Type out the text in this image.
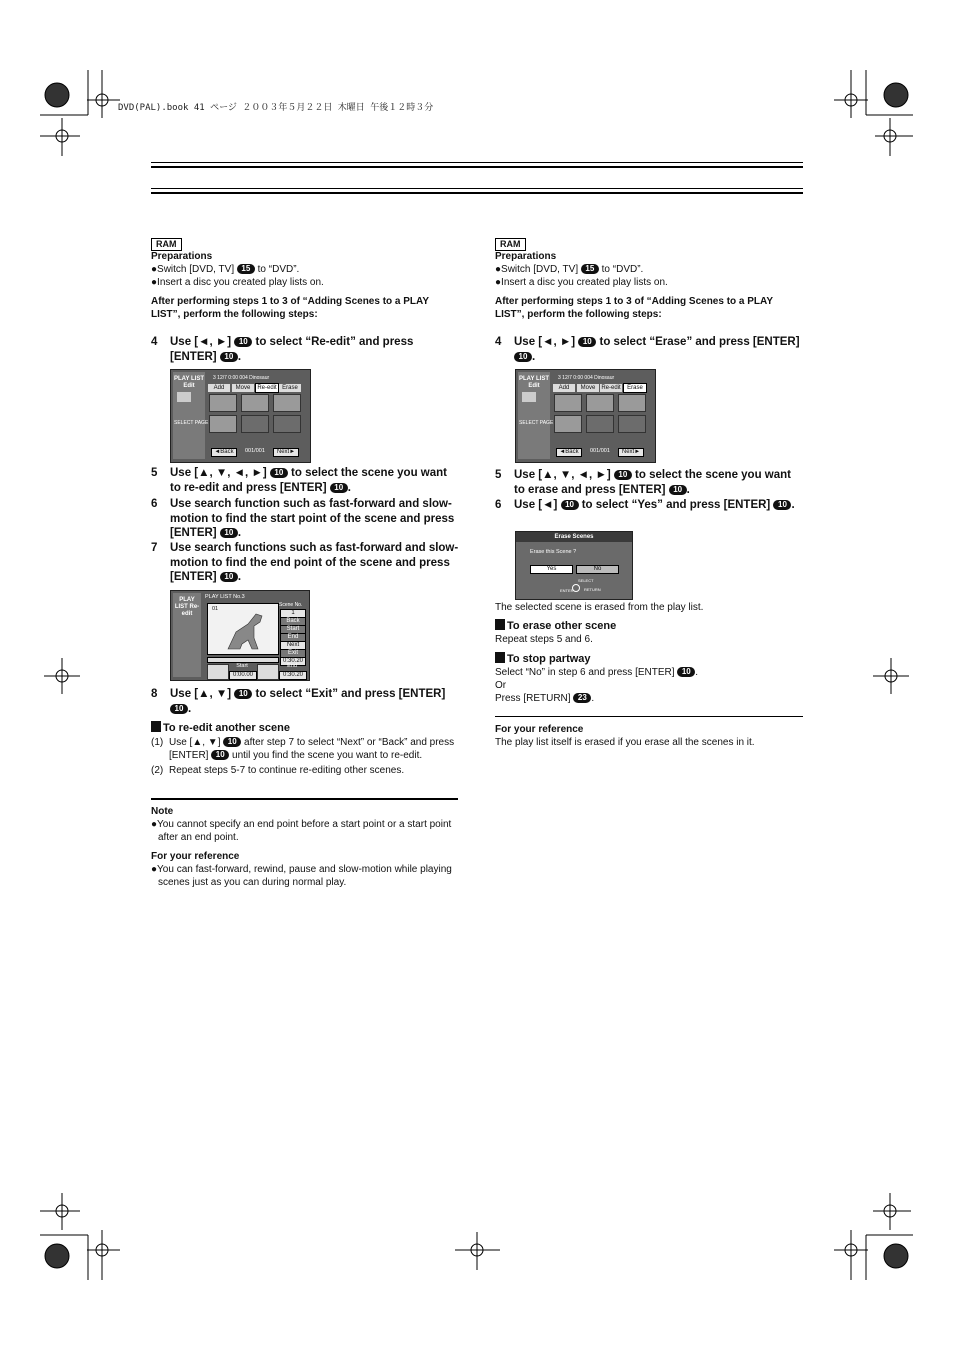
DVD(PAL).book 41 ページ ２００３年５月２２日 木曜日 午後１２時３分
RAM
Preparations
●Switch [DVD, TV] 15 to “DVD”.
●Insert a disc you created play lists on.
After performing steps 1 to 3 of “Adding Scenes to a PLAY LIST”, perform the following steps:
4 Use [◄, ►] 10 to select “Re-edit” and press [ENTER] 10 .
PLAY LIST Edit
SELECT PAGE
3 12/7 0:00 004 Dinosaur
Add	Move	Re-edit Erase
◄Back	001/001	Next►
5 Use [▲, ▼, ◄, ►] 10 to select the scene you want to re-edit and press [ENTER] 10 .
6 Use search function such as fast-forward and slow-motion to find the start point of the scene and press [ENTER] 10 .
7 Use search functions such as fast-forward and slow-motion to find the end point of the scene and press [ENTER] 10 .
PLAY LIST Re-edit
PLAY LIST No.3
01
Scene No.
1
Back
Start
End
Next
Exit
0:30.20
Start
0:00.00
End
0:30.20
8 Use [▲, ▼] 10 to select “Exit” and press [ENTER] 10 .
To re-edit another scene
(1) Use [▲, ▼] 10 after step 7 to select “Next” or “Back” and press [ENTER] 10 until you find the scene you want to re-edit.
(2) Repeat steps 5-7 to continue re-editing other scenes.
Note
●You cannot specify an end point before a start point or a start point after an end point.
For your reference
●You can fast-forward, rewind, pause and slow-motion while playing scenes just as you can during normal play.
RAM
Preparations
●Switch [DVD, TV] 15 to “DVD”.
●Insert a disc you created play lists on.
After performing steps 1 to 3 of “Adding Scenes to a PLAY LIST”, perform the following steps:
4 Use [◄, ►] 10 to select “Erase” and press [ENTER] 10 .
PLAY LIST Edit
SELECT PAGE
3 12/7 0:00 004 Dinosaur
Add	Move	Re-edit	Erase
◄Back	001/001	Next►
5 Use [▲, ▼, ◄, ►] 10 to select the scene you want to erase and press [ENTER] 10 .
6 Use [◄] 10 to select “Yes” and press [ENTER] 10 .
Erase Scenes
Erase this Scene ?
Yes	No
SELECT
ENTER	RETURN
The selected scene is erased from the play list.
To erase other scene
Repeat steps 5 and 6.
To stop partway
Select “No” in step 6 and press [ENTER] 10 .
Or
Press [RETURN] 23 .
For your reference
The play list itself is erased if you erase all the scenes in it.
